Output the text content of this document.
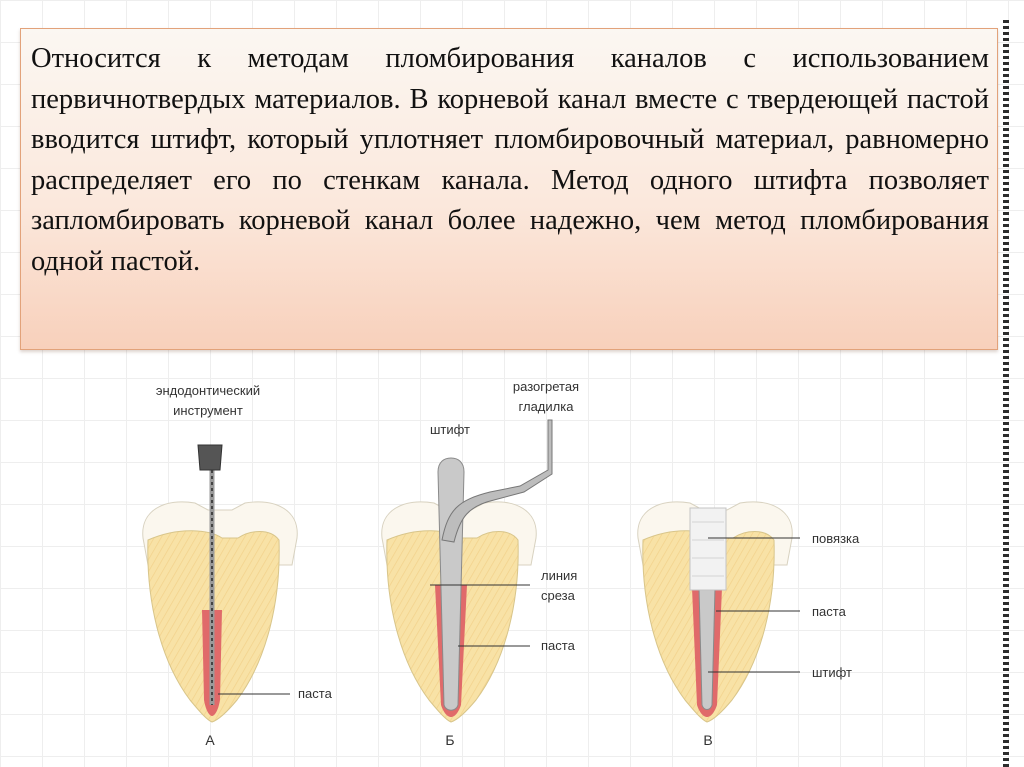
Относится к методам пломбирования каналов с использованием первичнотвердых материалов. В корневой канал вместе с твердеющей пастой вводится штифт, который уплотняет пломбировочный материал, равномерно распределяет его по стенкам канала. Метод одного штифта позволяет запломбировать корневой канал более надежно, чем метод пломбирования одной пастой.

эндодонтический
инструмент
паста
А
штифт
разогретая
гладилка
линия
среза
паста
Б
повязка
паста
штифт
В
